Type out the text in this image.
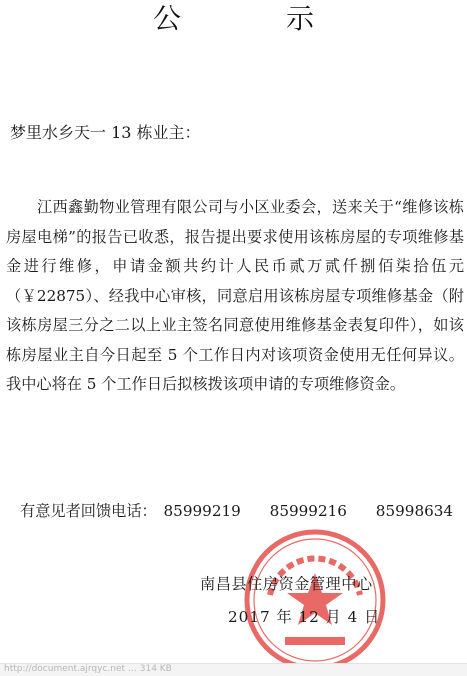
公 示
梦里水乡天一 13 栋业主：

江西鑫勤物业管理有限公司与小区业委会，送来关于“维修该栋房屋电梯”的报告已收悉，报告提出要求使用该栋房屋的专项维修基金进行维修，申请金额共约计人民币贰万贰仟捌佰柒拾伍元（￥22875）、经我中心审核，同意启用该栋房屋专项维修基金（附该栋房屋三分之二以上业主签名同意使用维修基金表复印件），如该栋房屋业主自今日起至 5 个工作日内对该项资金使用无任何异议。我中心将在 5 个工作日后拟核拨该项申请的专项维修资金。

有意见者回馈电话： 85999219 85999216 85998634
南昌县住房资金管理中心
2017 年 12 月 4 日
http://document.ajrqyc.net … 314 KB
